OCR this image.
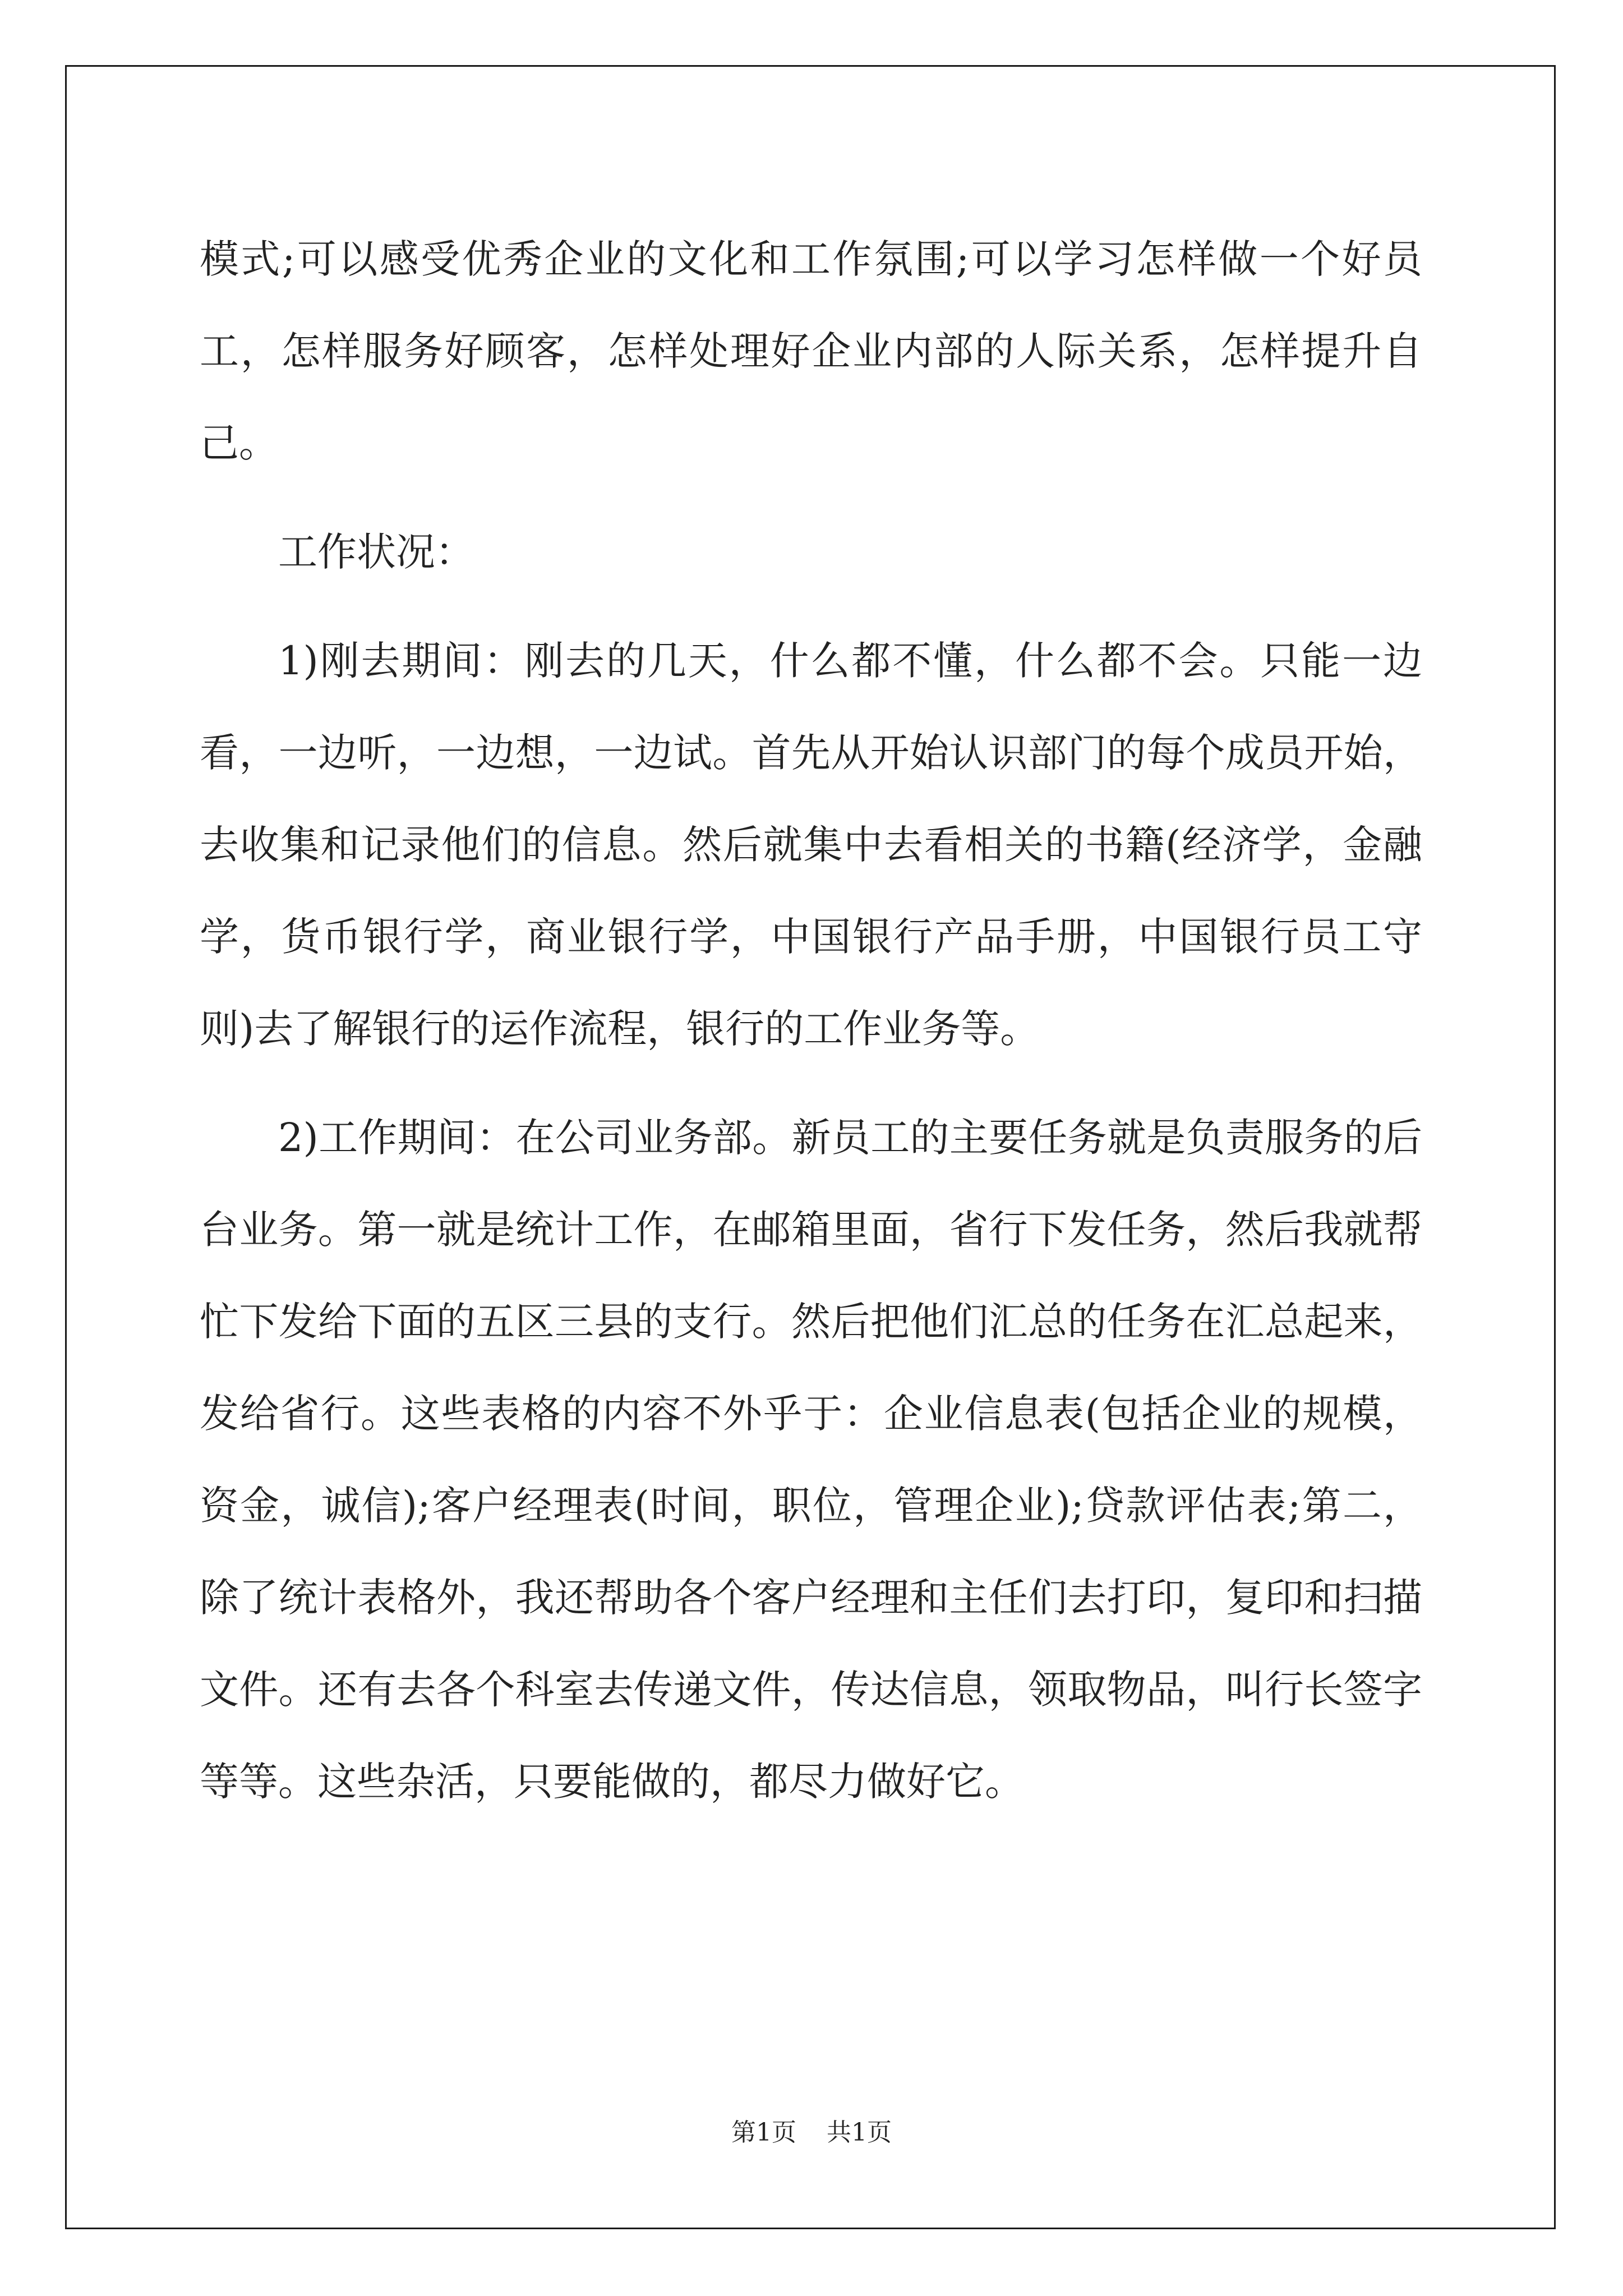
模式;可以感受优秀企业的文化和工作氛围;可以学习怎样做一个好员工，怎样服务好顾客，怎样处理好企业内部的人际关系，怎样提升自己。

工作状况：

1)刚去期间：刚去的几天，什么都不懂，什么都不会。只能一边看，一边听，一边想，一边试。首先从开始认识部门的每个成员开始，去收集和记录他们的信息。然后就集中去看相关的书籍(经济学，金融学，货币银行学，商业银行学，中国银行产品手册，中国银行员工守则)去了解银行的运作流程，银行的工作业务等。

2)工作期间：在公司业务部。新员工的主要任务就是负责服务的后台业务。第一就是统计工作，在邮箱里面，省行下发任务，然后我就帮忙下发给下面的五区三县的支行。然后把他们汇总的任务在汇总起来，发给省行。这些表格的内容不外乎于：企业信息表(包括企业的规模，资金，诚信);客户经理表(时间，职位，管理企业);贷款评估表;第二，除了统计表格外，我还帮助各个客户经理和主任们去打印，复印和扫描文件。还有去各个科室去传递文件，传达信息，领取物品，叫行长签字等等。这些杂活，只要能做的，都尽力做好它。

第1页 共1页
